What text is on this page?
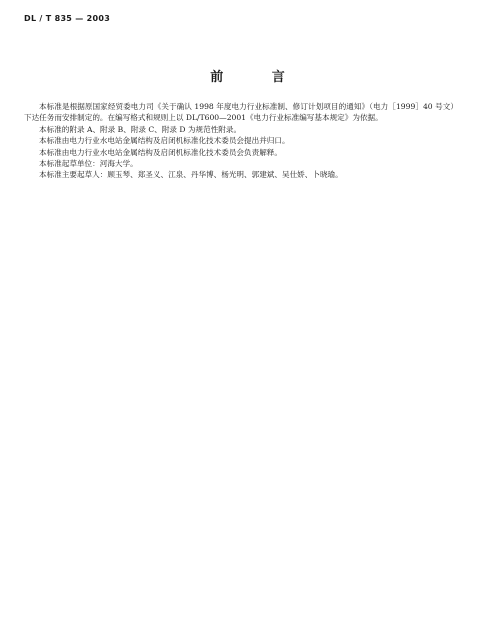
DL / T 835 — 2003
前 言

本标准是根据原国家经贸委电力司《关于确认 1998 年度电力行业标准制、修订计划项目的通知》（电力［1999］40 号文）下达任务而安排制定的。在编写格式和规则上以 DL/T600—2001《电力行业标准编写基本规定》为依据。

本标准的附录 A、附录 B、附录 C、附录 D 为规范性附录。

本标准由电力行业水电站金属结构及启闭机标准化技术委员会提出并归口。

本标准由电力行业水电站金属结构及启闭机标准化技术委员会负责解释。

本标准起草单位：河海大学。

本标准主要起草人：顾玉琴、郑圣义、江泉、丹华博、杨光明、郭建斌、吴仕娇、卜晓瑜。
